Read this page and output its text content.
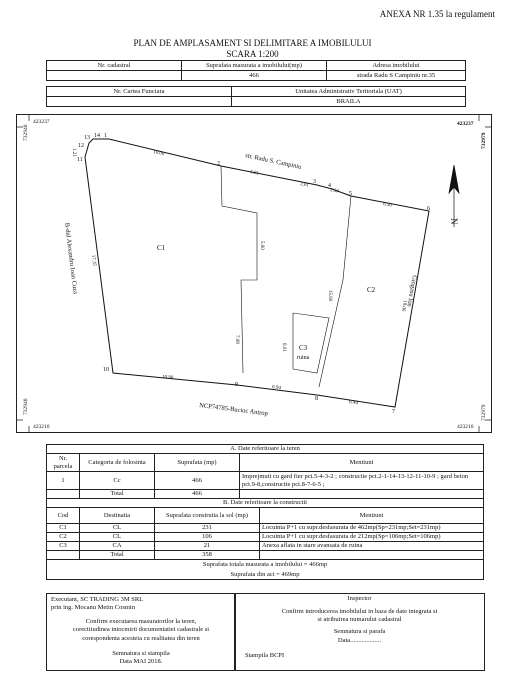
ANEXA NR 1.35 la regulament
PLAN DE AMPLASAMENT SI DELIMITARE A IMOBILULUI
SCARA 1:200
Nr. cadastral	Suprafata masurata a imobilului(mp)	Adresa imobilului
	466	strada Radu S Campiniu nr.35
Nr. Cartea Funciara	Unitatea Administrativ Teritoriala (UAT)
	BRAILA
423237
732940
423237
732979
423210
732940
423210
732979
1
2
3
4
5
6
7
8
9
10
11
12
13 14
10.00
5.91
2.01
2.50
6.50
18.06
6.44
6.94
10.90
17.35
5.60
7.08
15.60
6.01
1.21
C1
C2
C3
ruina
str. Radu S. Campiniu
B-dul Alexandru Ioan Cuza	Gingasu Ion
NCP74785-Bucioc Antrop
N
A. Date referitoare la teren			
Nr. parcela	Categoria de folosinta	Suprafata (mp)	Mentiuni
1	Cc	466	Imprejmuit cu gard fier pct.5-4-3-2 ; constructie pct.2-1-14-13-12-11-10-9 ; gard beton pct.9-8,constructie pct.8-7-6-5 ;
	Total	466	
B. Date referitoare la constructii			
Cod	Destinatia	Suprafata construita la sol (mp)	Mentiuni
C1	CL	231	Locuinta P+1 cu supr.desfasurata de 462mp(Sp=231mp;Set=231mp)
C2	CL	106	Locuinta P+1 cu supr.desfasurata de 212mp(Sp=106mp;Set=106mp)
C3	CA	21	Anexa aflata in stare avansata de ruina
	Total	358	

Suprafata totala masurata a imobilului = 466mp
Suprafata din act = 469mp			
Executant, SC TRADING 3M SRL
prin ing. Mocanu Metin Cosmin
Confirm executarea masuratorilor la teren,
corectitudinea intocmirii documentatiei cadastrale si
corespondenta acesteia cu realitatea din teren
Semnatura si stampila
Data MAI 2018.
Inspector
Confirm introducerea imobilului in baza de date integrata si
si atribuirea numarului cadastral
Semnatura si parafa
Data...................
Stampila BCPI
